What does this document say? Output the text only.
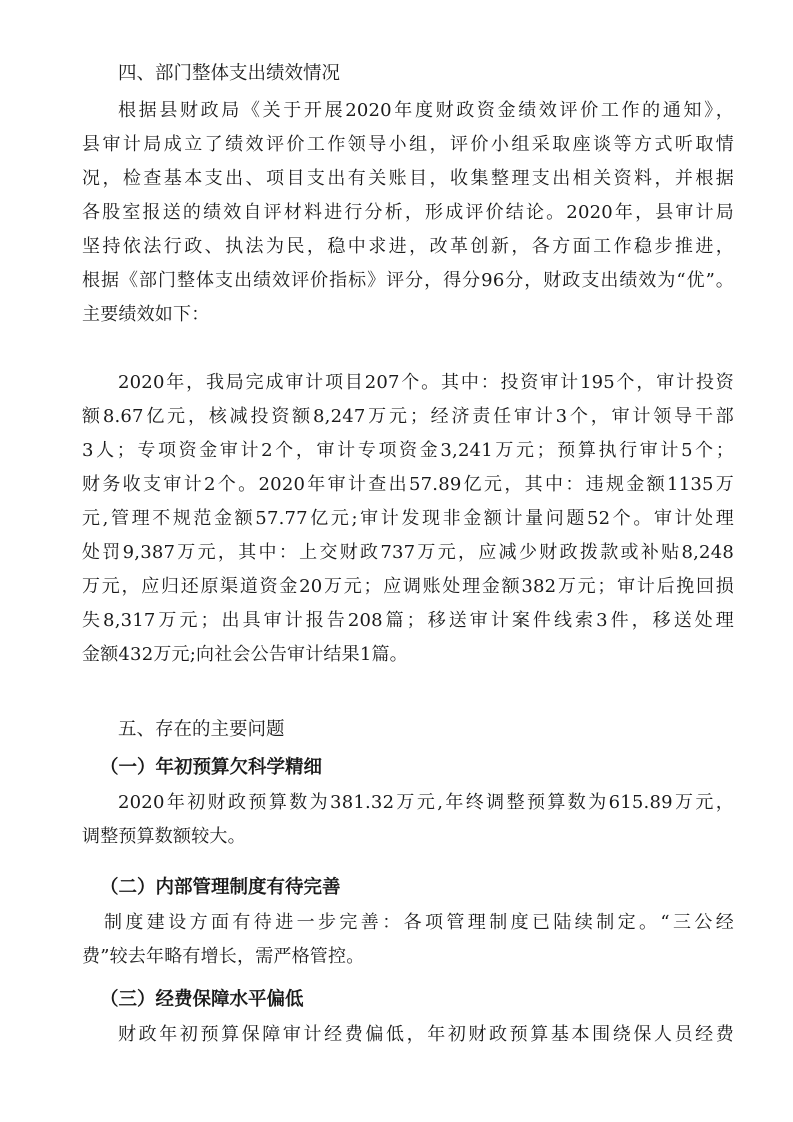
四、部门整体支出绩效情况
根据县财政局《关于开展2020年度财政资金绩效评价工作的通知》，
县审计局成立了绩效评价工作领导小组，评价小组采取座谈等方式听取情
况，检查基本支出、项目支出有关账目，收集整理支出相关资料，并根据
各股室报送的绩效自评材料进行分析，形成评价结论。2020年，县审计局
坚持依法行政、执法为民，稳中求进，改革创新，各方面工作稳步推进，
根据《部门整体支出绩效评价指标》评分，得分96分，财政支出绩效为“优”。
主要绩效如下：
2020年，我局完成审计项目207个。其中：投资审计195个，审计投资
额8.67亿元，核减投资额8,247万元；经济责任审计3个，审计领导干部
3人；专项资金审计2个，审计专项资金3,241万元；预算执行审计5个；
财务收支审计2个。2020年审计查出57.89亿元，其中：违规金额1135万
元,管理不规范金额57.77亿元;审计发现非金额计量问题52个。审计处理
处罚9,387万元，其中：上交财政737万元，应减少财政拨款或补贴8,248
万元，应归还原渠道资金20万元；应调账处理金额382万元；审计后挽回损
失8,317万元；出具审计报告208篇；移送审计案件线索3件，移送处理
金额432万元;向社会公告审计结果1篇。
五、存在的主要问题
（一）年初预算欠科学精细
2020年初财政预算数为381.32万元,年终调整预算数为615.89万元，
调整预算数额较大。
（二）内部管理制度有待完善
制度建设方面有待进一步完善：各项管理制度已陆续制定。“三公经
费”较去年略有增长，需严格管控。
（三）经费保障水平偏低
财政年初预算保障审计经费偏低，年初财政预算基本围绕保人员经费
